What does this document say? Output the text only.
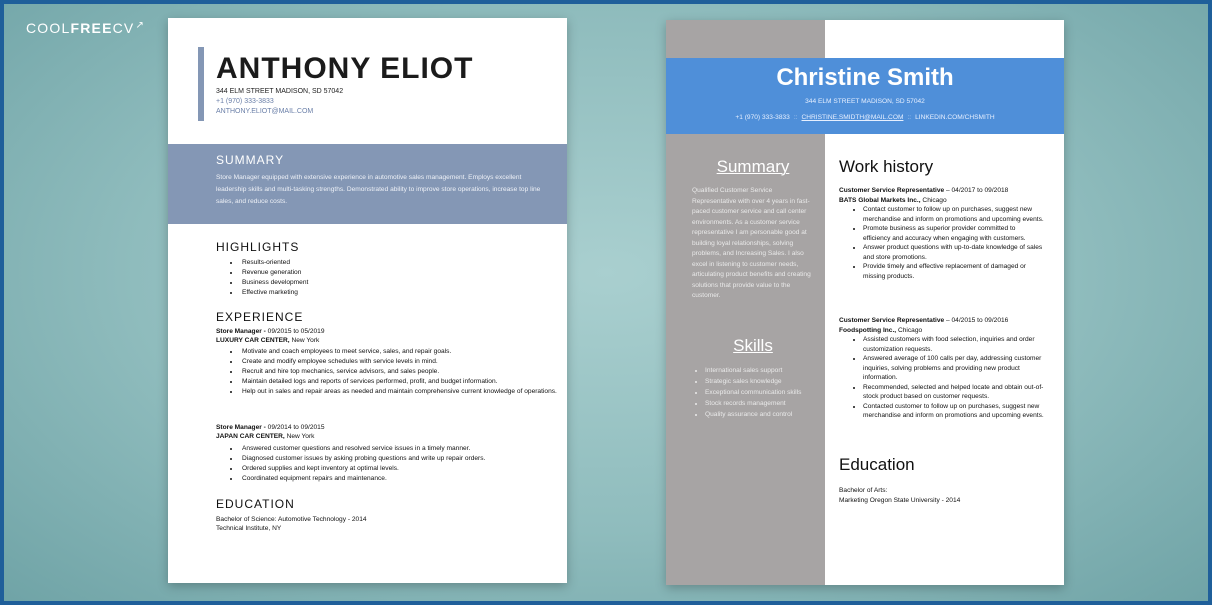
COOLFREECV↗
ANTHONY ELIOT
344 ELM STREET MADISON, SD 57042
+1 (970) 333-3833
ANTHONY.ELIOT@MAIL.COM
SUMMARY

Store Manager equipped with extensive experience in automotive sales management. Employs excellent leadership skills and multi-tasking strengths. Demonstrated ability to improve store operations, increase top line sales, and reduce costs.

HIGHLIGHTS
• Results-oriented
• Revenue generation
• Business development
• Effective marketing
EXPERIENCE
Store Manager - 09/2015 to 05/2019
LUXURY CAR CENTER, New York
• Motivate and coach employees to meet service, sales, and repair goals.
• Create and modify employee schedules with service levels in mind.
• Recruit and hire top mechanics, service advisors, and sales people.
• Maintain detailed logs and reports of services performed, profit, and budget information.
• Help out in sales and repair areas as needed and maintain comprehensive current knowledge of operations.
Store Manager - 09/2014 to 09/2015
JAPAN CAR CENTER, New York
• Answered customer questions and resolved service issues in a timely manner.
• Diagnosed customer issues by asking probing questions and write up repair orders.
• Ordered supplies and kept inventory at optimal levels.
• Coordinated equipment repairs and maintenance.
EDUCATION
Bachelor of Science: Automotive Technology - 2014
Technical Institute, NY
Christine Smith
344 ELM STREET MADISON, SD 57042
+1 (970) 333-3833 :: CHRISTINE.SMIDTH@MAIL.COM :: LINKEDIN.COM/CHSMITH
Summary

Qualified Customer Service Representative with over 4 years in fast-paced customer service and call center environments. As a customer service representative I am personable good at building loyal relationships, solving problems, and Increasing Sales. I also excel in listening to customer needs, articulating product benefits and creating solutions that provide value to the customer.

Skills
• International sales support
• Strategic sales knowledge
• Exceptional communication skills
• Stock records management
• Quality assurance and control
Work history
Customer Service Representative – 04/2017 to 09/2018
BATS Global Markets Inc., Chicago
• Contact customer to follow up on purchases, suggest new merchandise and inform on promotions and upcoming events.
• Promote business as superior provider committed to efficiency and accuracy when engaging with customers.
• Answer product questions with up-to-date knowledge of sales and store promotions.
• Provide timely and effective replacement of damaged or missing products.
Customer Service Representative – 04/2015 to 09/2016
Foodspotting Inc., Chicago
• Assisted customers with food selection, inquiries and order customization requests.
• Answered average of 100 calls per day, addressing customer inquiries, solving problems and providing new product information.
• Recommended, selected and helped locate and obtain out-of-stock product based on customer requests.
• Contacted customer to follow up on purchases, suggest new merchandise and inform on promotions and upcoming events.
Education
Bachelor of Arts:
Marketing Oregon State University - 2014
